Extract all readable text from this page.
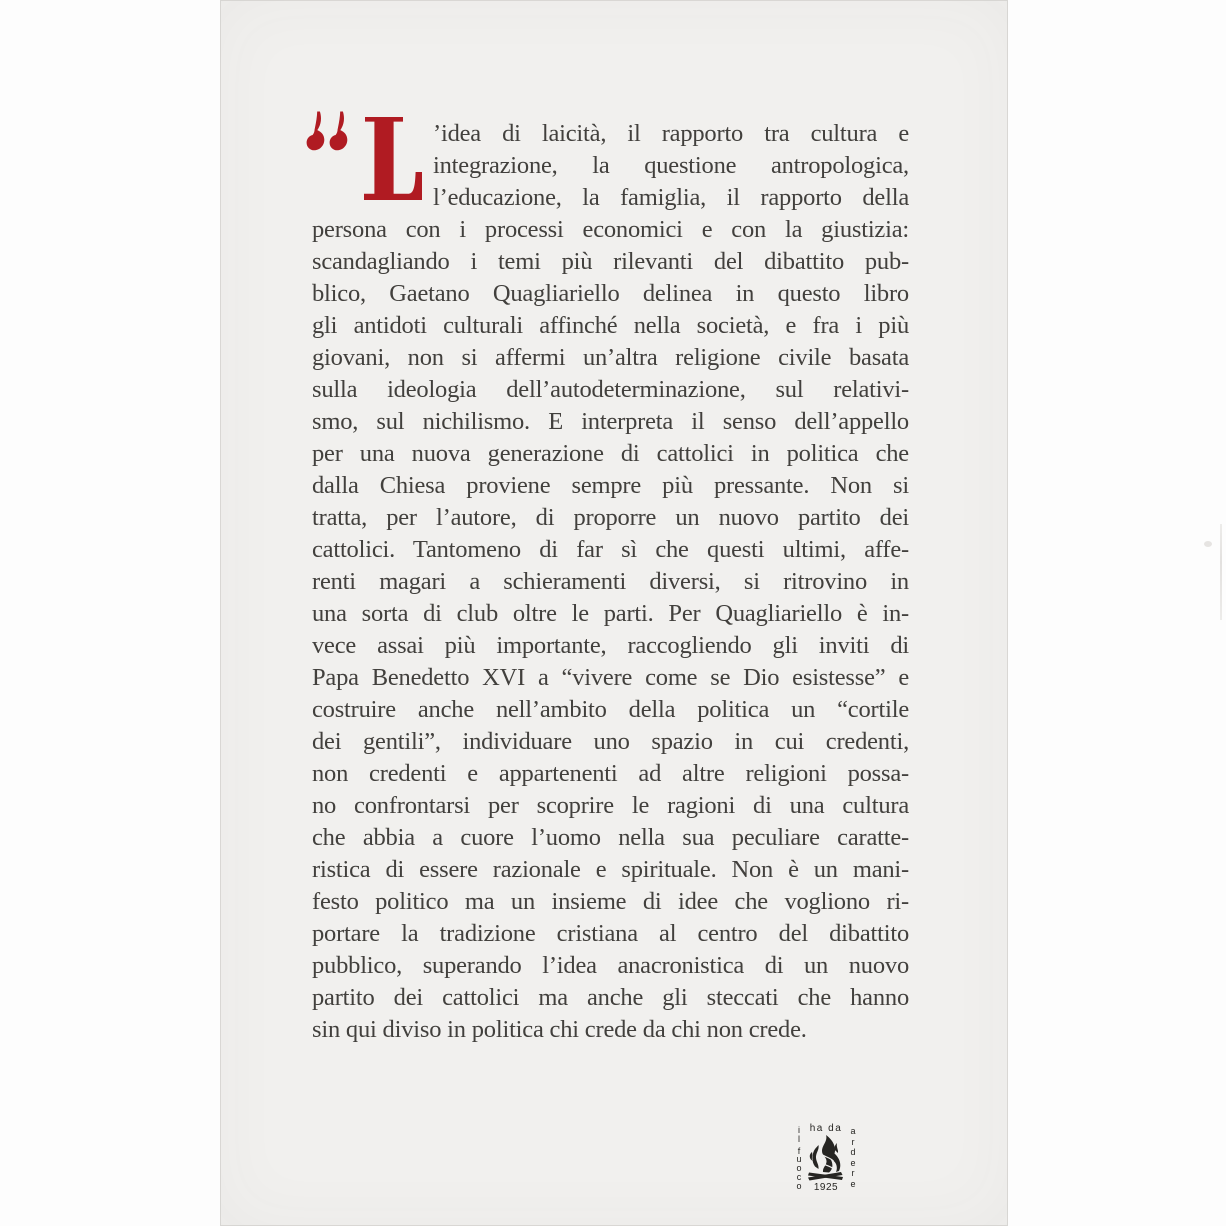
’idea di laicità, il rapporto tra cultura e
integrazione, la questione antropologica,
l’educazione, la famiglia, il rapporto della
persona con i processi economici e con la giustizia:
scandagliando i temi più rilevanti del dibattito pub-
blico, Gaetano Quagliariello delinea in questo libro
gli antidoti culturali affinché nella società, e fra i più
giovani, non si affermi un’altra religione civile basata
sulla ideologia dell’autodeterminazione, sul relativi-
smo, sul nichilismo. E interpreta il senso dell’appello
per una nuova generazione di cattolici in politica che
dalla Chiesa proviene sempre più pressante. Non si
tratta, per l’autore, di proporre un nuovo partito dei
cattolici. Tantomeno di far sì che questi ultimi, affe-
renti magari a schieramenti diversi, si ritrovino in
una sorta di club oltre le parti. Per Quagliariello è in-
vece assai più importante, raccogliendo gli inviti di
Papa Benedetto XVI a “vivere come se Dio esistesse” e
costruire anche nell’ambito della politica un “cortile
dei gentili”, individuare uno spazio in cui credenti,
non credenti e appartenenti ad altre religioni possa-
no confrontarsi per scoprire le ragioni di una cultura
che abbia a cuore l’uomo nella sua peculiare caratte-
ristica di essere razionale e spirituale. Non è un mani-
festo politico ma un insieme di idee che vogliono ri-
portare la tradizione cristiana al centro del dibattito
pubblico, superando l’idea anacronistica di un nuovo
partito dei cattolici ma anche gli steccati che hanno
sin qui diviso in politica chi crede da chi non crede.
i
l
f
u
o
c
o
ha da
1925
a
r
d
e
r
e
